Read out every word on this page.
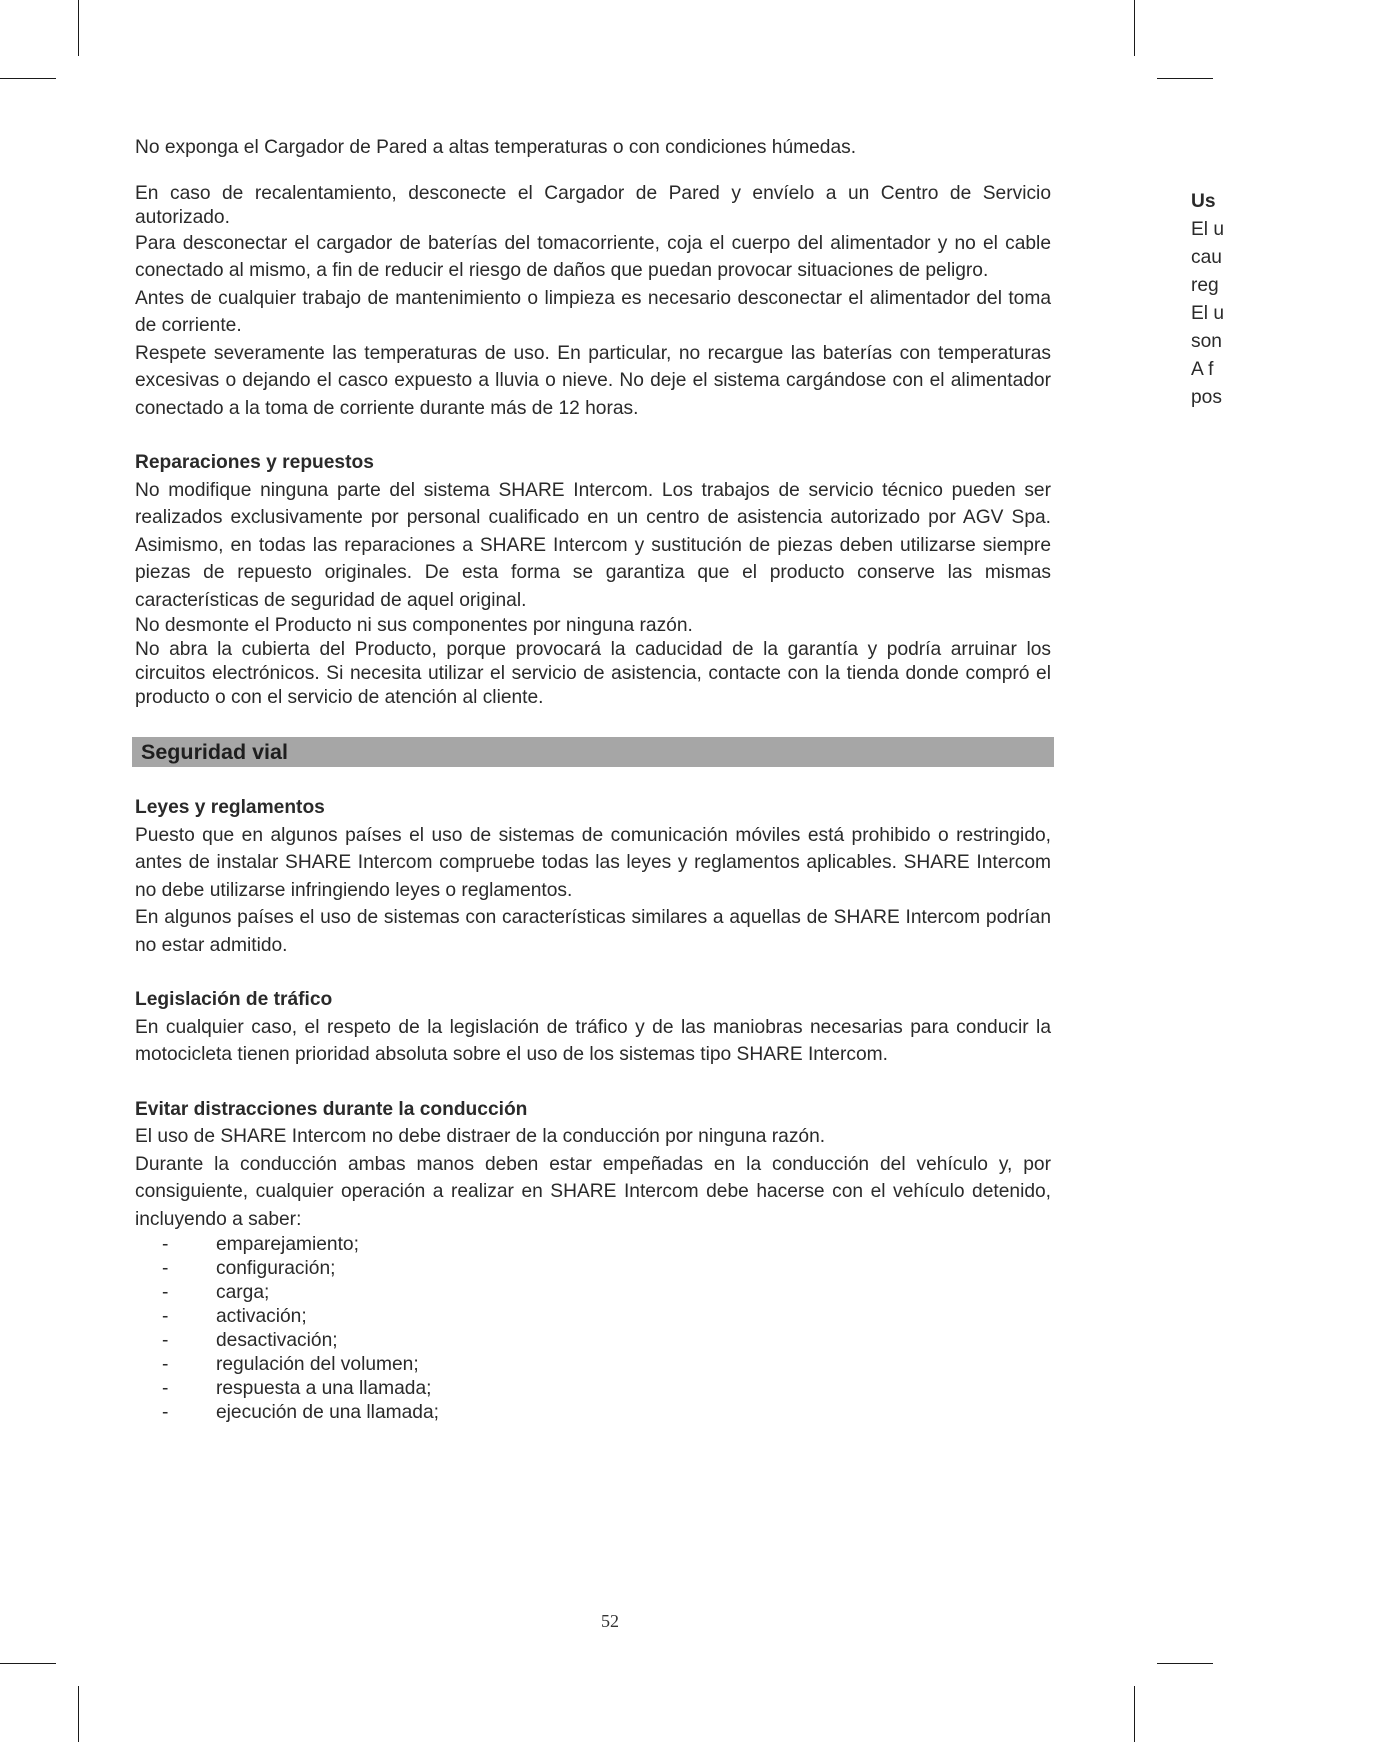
No exponga el Cargador de Pared a altas temperaturas o con condiciones húmedas.

En caso de recalentamiento, desconecte el Cargador de Pared y envíelo a un Centro de Servicio autorizado.

Para desconectar el cargador de baterías del tomacorriente, coja el cuerpo del alimentador y no el cable conectado al mismo, a fin de reducir el riesgo de daños que puedan provocar situaciones de peligro.

Antes de cualquier trabajo de mantenimiento o limpieza es necesario desconectar el alimentador del toma de corriente.

Respete severamente las temperaturas de uso. En particular, no recargue las baterías con temperaturas excesivas o dejando el casco expuesto a lluvia o nieve. No deje el sistema cargándose con el alimentador conectado a la toma de corriente durante más de 12 horas.

Reparaciones y repuestos

No modifique ninguna parte del sistema SHARE Intercom. Los trabajos de servicio técnico pueden ser realizados exclusivamente por personal cualificado en un centro de asistencia autorizado por AGV Spa. Asimismo, en todas las reparaciones a SHARE Intercom y sustitución de piezas deben utilizarse siempre piezas de repuesto originales. De esta forma se garantiza que el producto conserve las mismas características de seguridad de aquel original.

No desmonte el Producto ni sus componentes por ninguna razón.

No abra la cubierta del Producto, porque provocará la caducidad de la garantía y podría arruinar los circuitos electrónicos. Si necesita utilizar el servicio de asistencia, contacte con la tienda donde compró el producto o con el servicio de atención al cliente.

Seguridad vial

Leyes y reglamentos

Puesto que en algunos países el uso de sistemas de comunicación móviles está prohibido o restringido, antes de instalar SHARE Intercom compruebe todas las leyes y reglamentos aplicables. SHARE Intercom no debe utilizarse infringiendo leyes o reglamentos.

En algunos países el uso de sistemas con características similares a aquellas de SHARE Intercom podrían no estar admitido.

Legislación de tráfico

En cualquier caso, el respeto de la legislación de tráfico y de las maniobras necesarias para conducir la motocicleta tienen prioridad absoluta sobre el uso de los sistemas tipo SHARE Intercom.

Evitar distracciones durante la conducción

El uso de SHARE Intercom no debe distraer de la conducción por ninguna razón.

Durante la conducción ambas manos deben estar empeñadas en la conducción del vehículo y, por consiguiente, cualquier operación a realizar en SHARE Intercom debe hacerse con el vehículo detenido, incluyendo a saber:

- emparejamiento;
- configuración;
- carga;
- activación;
- desactivación;
- regulación del volumen;
- respuesta a una llamada;
- ejecución de una llamada;
Us
El u
cau
reg
El u
son
A f
pos
52
